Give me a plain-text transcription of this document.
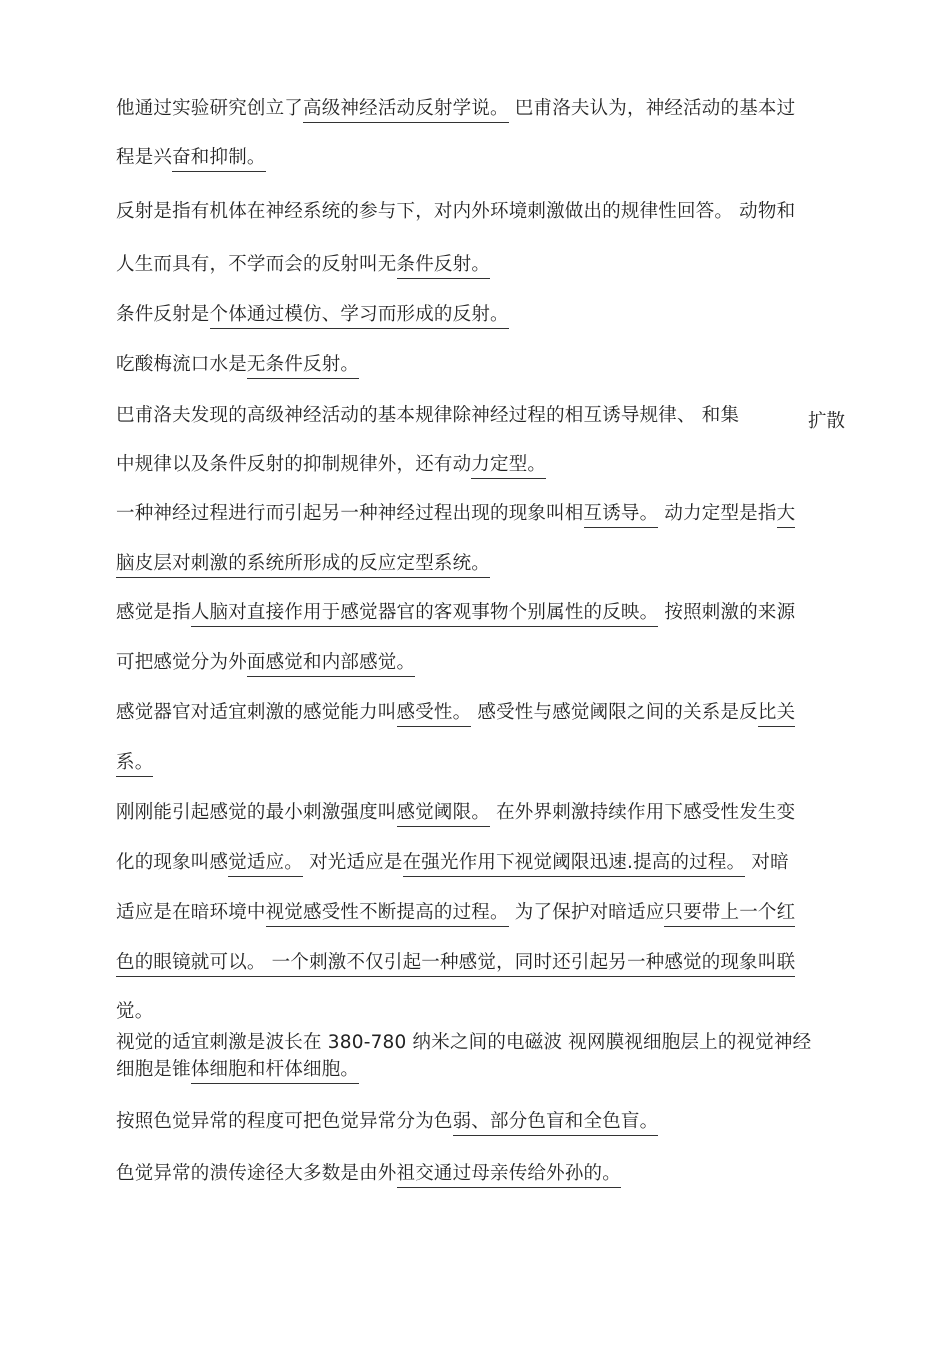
他通过实验研究创立了高级神经活动反射学说。 巴甫洛夫认为，神经活动的基本过
程是兴奋和抑制。
反射是指有机体在神经系统的参与下，对内外环境刺激做出的规律性回答。 动物和
人生而具有，不学而会的反射叫无条件反射。
条件反射是个体通过模仿、学习而形成的反射。
吃酸梅流口水是无条件反射。
巴甫洛夫发现的高级神经活动的基本规律除神经过程的相互诱导规律、 和集
中规律以及条件反射的抑制规律外，还有动力定型。
一种神经过程进行而引起另一种神经过程出现的现象叫相互诱导。 动力定型是指大
脑皮层对刺激的系统所形成的反应定型系统。
感觉是指人脑对直接作用于感觉器官的客观事物个别属性的反映。 按照刺激的来源
可把感觉分为外面感觉和内部感觉。
感觉器官对适宜刺激的感觉能力叫感受性。 感受性与感觉阈限之间的关系是反比关
系。
刚刚能引起感觉的最小刺激强度叫感觉阈限。 在外界刺激持续作用下感受性发生变
化的现象叫感觉适应。 对光适应是在强光作用下视觉阈限迅速.提高的过程。 对暗
适应是在暗环境中视觉感受性不断提高的过程。 为了保护对暗适应只要带上一个红
色的眼镜就可以。 一个刺激不仅引起一种感觉，同时还引起另一种感觉的现象叫联
觉。
视觉的适宜刺激是波长在 380-780 纳米之间的电磁波 视网膜视细胞层上的视觉神经
细胞是锥体细胞和杆体细胞。
按照色觉异常的程度可把色觉异常分为色弱、部分色盲和全色盲。
色觉异常的溃传途径大多数是由外祖交通过母亲传给外孙的。
扩散
